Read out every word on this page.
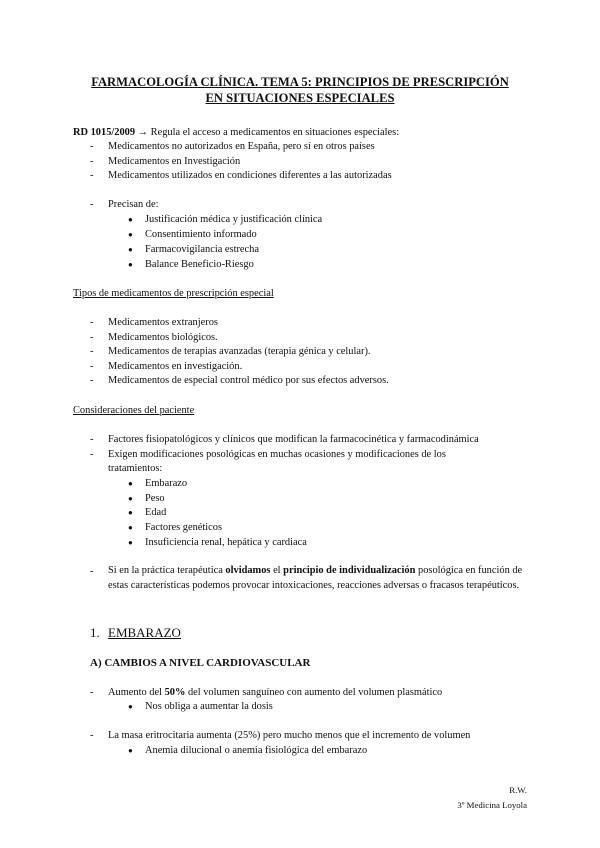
FARMACOLOGÍA CLÍNICA. TEMA 5: PRINCIPIOS DE PRESCRIPCIÓN
EN SITUACIONES ESPECIALES
RD 1015/2009 → Regula el acceso a medicamentos en situaciones especiales:
- Medicamentos no autorizados en España, pero sí en otros países
- Medicamentos en Investigación
- Medicamentos utilizados en condiciones diferentes a las autorizadas
- Precisan de:
● Justificación médica y justificación clínica
● Consentimiento informado
● Farmacovigilancia estrecha
● Balance Beneficio-Riesgo
Tipos de medicamentos de prescripción especial
- Medicamentos extranjeros
- Medicamentos biológicos.
- Medicamentos de terapias avanzadas (terapia génica y celular).
- Medicamentos en investigación.
- Medicamentos de especial control médico por sus efectos adversos.
Consideraciones del paciente
- Factores fisiopatológicos y clínicos que modifican la farmacocinética y farmacodinámica
- Exigen modificaciones posológicas en muchas ocasiones y modificaciones de los
tratamientos:
● Embarazo
● Peso
● Edad
● Factores genéticos
● Insuficiencia renal, hepática y cardiaca
- Si en la práctica terapéutica olvidamos el principio de individualización posológica en función de estas características podemos provocar intoxicaciones, reacciones adversas o fracasos terapéuticos.
1. EMBARAZO
A) CAMBIOS A NIVEL CARDIOVASCULAR
- Aumento del 50% del volumen sanguíneo con aumento del volumen plasmático
● Nos obliga a aumentar la dosis
- La masa eritrocitaria aumenta (25%) pero mucho menos que el incremento de volumen
● Anemia dilucional o anemia fisiológica del embarazo
R.W.
3º Medicina Loyola
